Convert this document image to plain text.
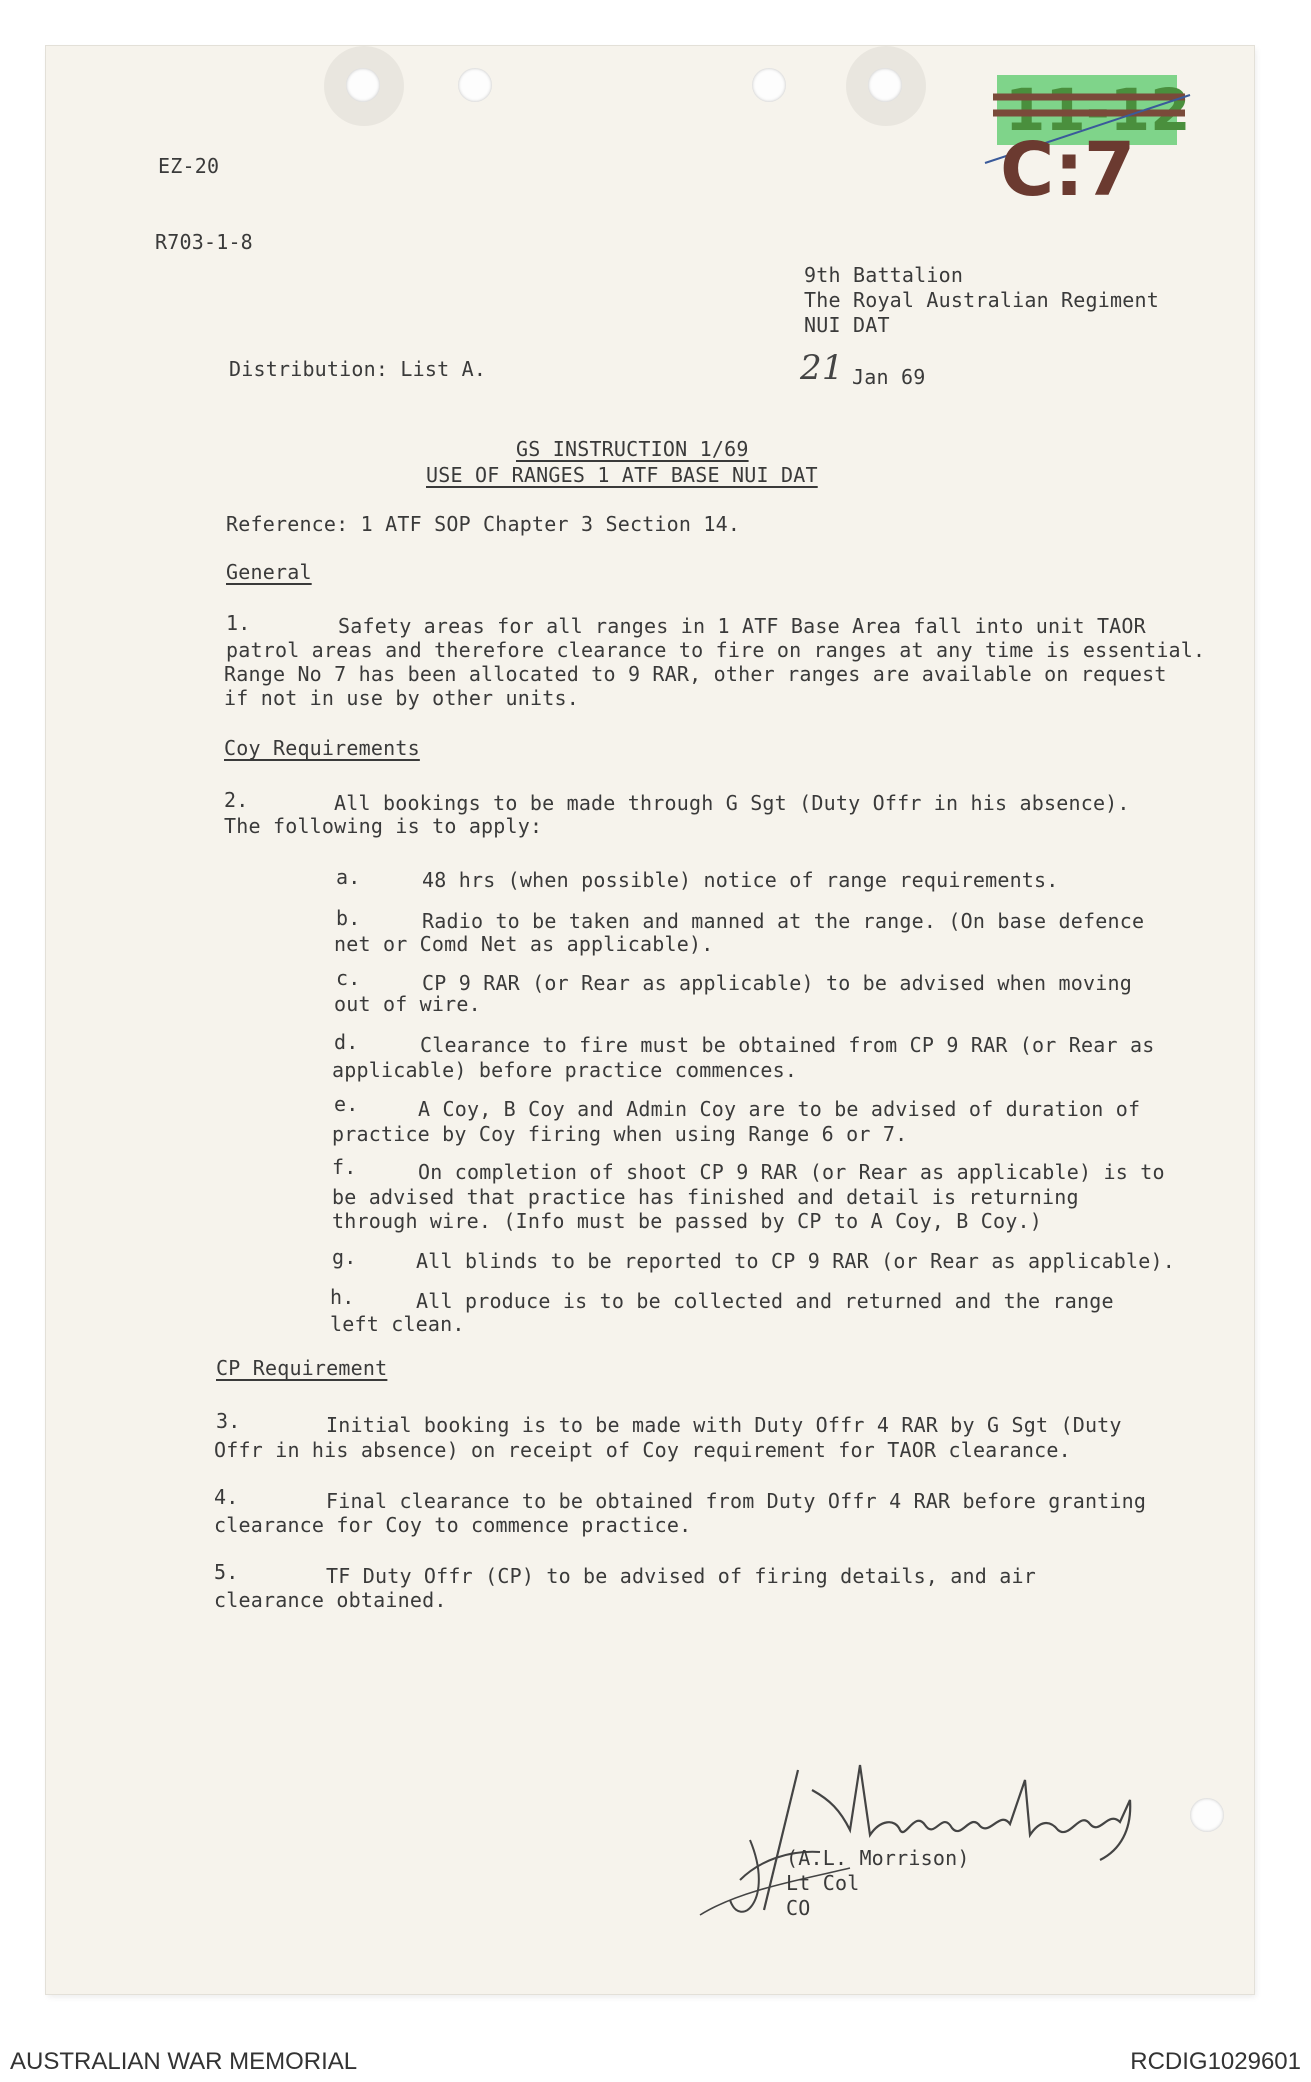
11-12
C:7
EZ-20
R703-1-8
9th Battalion
The Royal Australian Regiment
NUI DAT
Distribution: List A.	21 Jan 69
GS INSTRUCTION 1/69
USE OF RANGES 1 ATF BASE NUI DAT
Reference: 1 ATF SOP Chapter 3 Section 14.
General
1.	Safety areas for all ranges in 1 ATF Base Area fall into unit TAOR
patrol areas and therefore clearance to fire on ranges at any time is essential.
Range No 7 has been allocated to 9 RAR, other ranges are available on request
if not in use by other units.
Coy Requirements
2.	All bookings to be made through G Sgt (Duty Offr in his absence).
The following is to apply:
a.	48 hrs (when possible) notice of range requirements.
b.	Radio to be taken and manned at the range. (On base defence
net or Comd Net as applicable).
c.	CP 9 RAR (or Rear as applicable) to be advised when moving
out of wire.
d.	Clearance to fire must be obtained from CP 9 RAR (or Rear as
applicable) before practice commences.
e.	A Coy, B Coy and Admin Coy are to be advised of duration of
practice by Coy firing when using Range 6 or 7.
f.	On completion of shoot CP 9 RAR (or Rear as applicable) is to
be advised that practice has finished and detail is returning
through wire. (Info must be passed by CP to A Coy, B Coy.)
g.	All blinds to be reported to CP 9 RAR (or Rear as applicable).
h.	All produce is to be collected and returned and the range
left clean.
CP Requirement
3.	Initial booking is to be made with Duty Offr 4 RAR by G Sgt (Duty
Offr in his absence) on receipt of Coy requirement for TAOR clearance.
4.	Final clearance to be obtained from Duty Offr 4 RAR before granting
clearance for Coy to commence practice.
5.	TF Duty Offr (CP) to be advised of firing details, and air
clearance obtained.
(A.L. Morrison)
Lt Col
CO
AUSTRALIAN WAR MEMORIAL	RCDIG1029601
